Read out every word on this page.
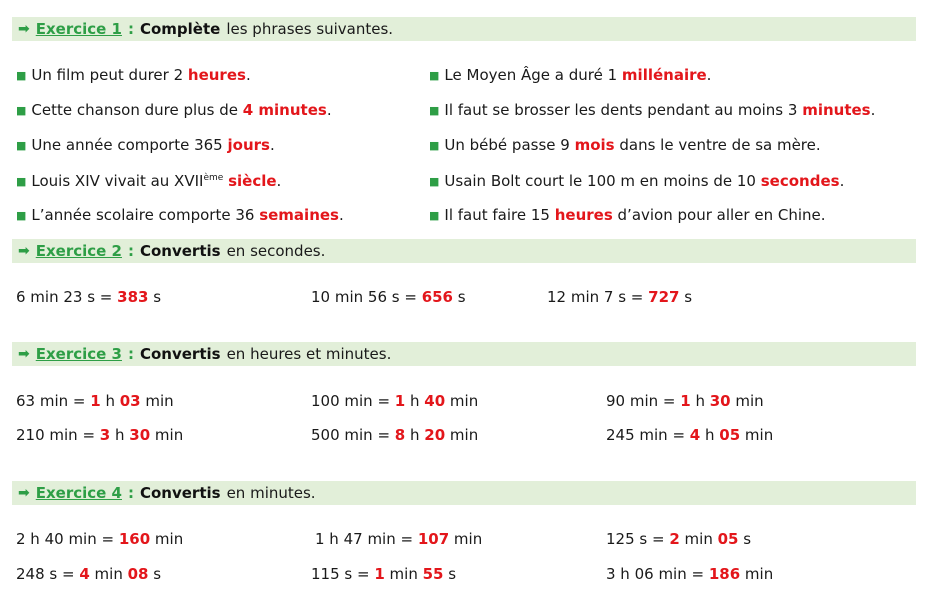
➡ Exercice 1 : Complète les phrases suivantes.
■ Un film peut durer 2 heures.
■ Cette chanson dure plus de 4 minutes.
■ Une année comporte 365 jours.
■ Louis XIV vivait au XVIIème siècle.
■ L’année scolaire comporte 36 semaines.
■ Le Moyen Âge a duré 1 millénaire.
■ Il faut se brosser les dents pendant au moins 3 minutes.
■ Un bébé passe 9 mois dans le ventre de sa mère.
■ Usain Bolt court le 100 m en moins de 10 secondes.
■ Il faut faire 15 heures d’avion pour aller en Chine.
➡ Exercice 2 : Convertis en secondes.
6 min 23 s = 383 s	10 min 56 s = 656 s	12 min 7 s = 727 s
➡ Exercice 3 : Convertis en heures et minutes.
63 min = 1 h 03 min	100 min = 1 h 40 min	90 min = 1 h 30 min
210 min = 3 h 30 min	500 min = 8 h 20 min	245 min = 4 h 05 min
➡ Exercice 4 : Convertis en minutes.
2 h 40 min = 160 min	1 h 47 min = 107 min	125 s = 2 min 05 s
248 s = 4 min 08 s	115 s = 1 min 55 s	3 h 06 min = 186 min
